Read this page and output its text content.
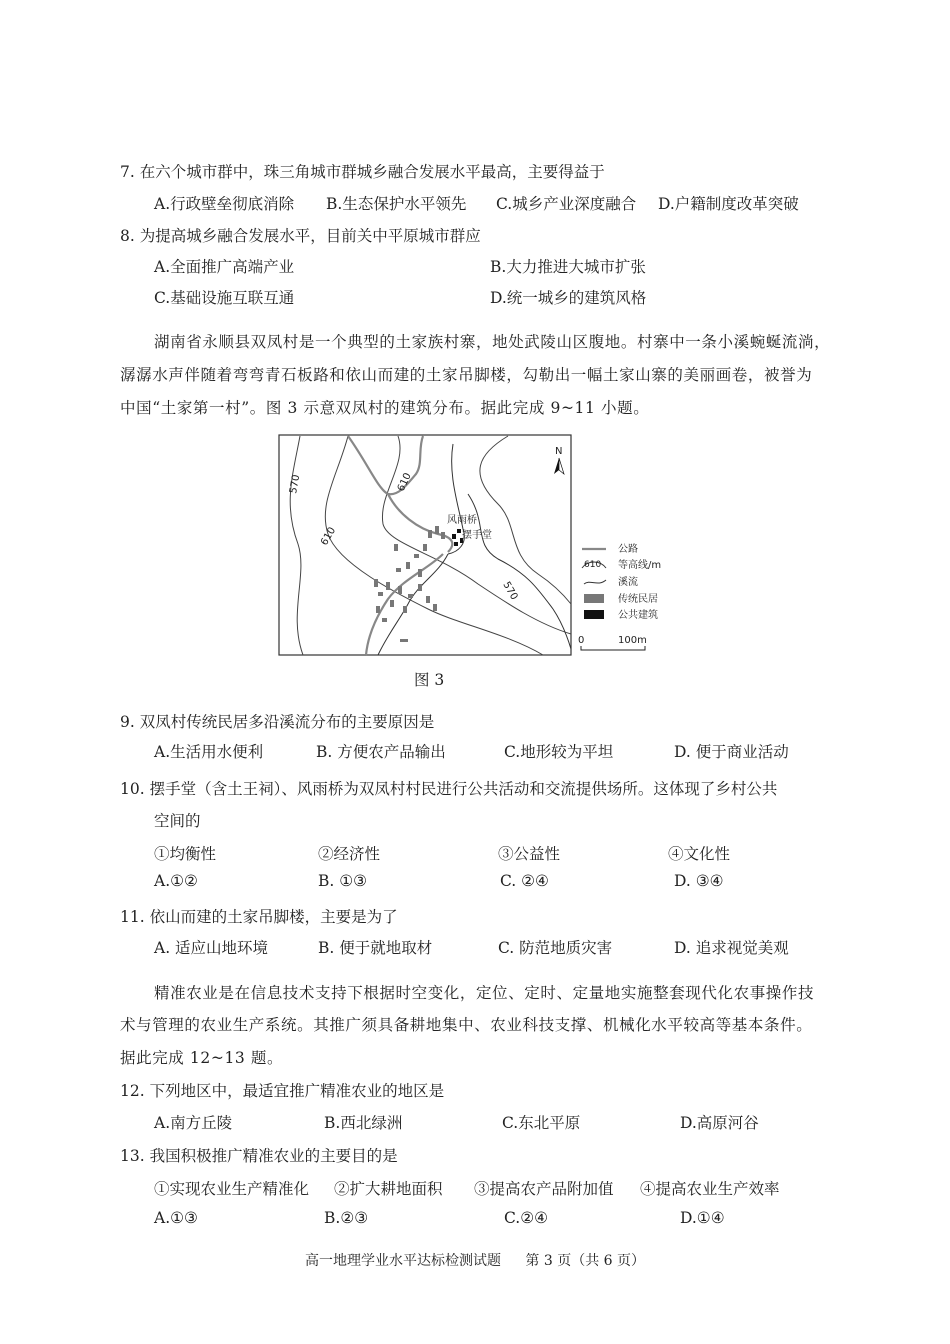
7. 在六个城市群中，珠三角城市群城乡融合发展水平最高，主要得益于
A.行政壁垒彻底消除 B.生态保护水平领先 C.城乡产业深度融合 D.户籍制度改革突破
8. 为提高城乡融合发展水平，目前关中平原城市群应
A.全面推广高端产业	B.大力推进大城市扩张
C.基础设施互联互通	D.统一城乡的建筑风格
湖南省永顺县双凤村是一个典型的土家族村寨，地处武陵山区腹地。村寨中一条小溪蜿蜒流淌，
潺潺水声伴随着弯弯青石板路和依山而建的土家吊脚楼，勾勒出一幅土家山寨的美丽画卷，被誉为
中国“土家第一村”。图 3 示意双凤村的建筑分布。据此完成 9~11 小题。
570	610
610
570
风雨桥
摆手堂
N
公路
610 等高线/m
溪流
传统民居
公共建筑
0	100m
图 3
9. 双凤村传统民居多沿溪流分布的主要原因是
A.生活用水便利	B. 方便农产品输出	C.地形较为平坦	D. 便于商业活动
10. 摆手堂（含土王祠）、风雨桥为双凤村村民进行公共活动和交流提供场所。这体现了乡村公共
空间的
①均衡性	②经济性	③公益性	④文化性
A.①②	B. ①③	C. ②④	D. ③④
11. 依山而建的土家吊脚楼，主要是为了
A. 适应山地环境	B. 便于就地取材	C. 防范地质灾害	D. 追求视觉美观
精准农业是在信息技术支持下根据时空变化，定位、定时、定量地实施整套现代化农事操作技
术与管理的农业生产系统。其推广须具备耕地集中、农业科技支撑、机械化水平较高等基本条件。
据此完成 12~13 题。
12. 下列地区中，最适宜推广精准农业的地区是
A.南方丘陵	B.西北绿洲	C.东北平原	D.高原河谷
13. 我国积极推广精准农业的主要目的是
①实现农业生产精准化 ②扩大耕地面积 ③提高农产品附加值 ④提高农业生产效率
A.①③	B.②③	C.②④	D.①④
高一地理学业水平达标检测试题 第 3 页（共 6 页）
